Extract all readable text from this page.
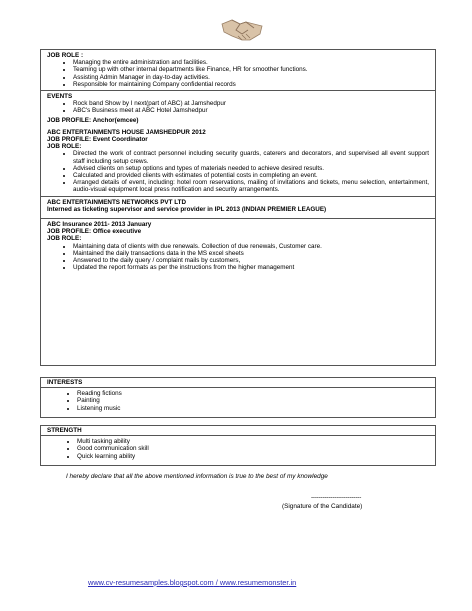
JOB ROLE :
• Managing the entire administration and facilities.
• Teaming up with other internal departments like Finance, HR for smoother functions.
• Assisting Admin Manager in day-to-day activities.
• Responsible for maintaining Company confidential records
EVENTS
• Rock band Show by I next(part of ABC) at Jamshedpur
• ABC's Business meet at ABC Hotel Jamshedpur
JOB PROFILE: Anchor(emcee)
ABC ENTERTAINMENTS HOUSE JAMSHEDPUR 2012
JOB PROFILE: Event Coordinator
JOB ROLE:
• Directed the work of contract personnel including security guards, caterers and decorators, and supervised all event support staff including setup crews.
• Advised clients on setup options and types of materials needed to achieve desired results.
• Calculated and provided clients with estimates of potential costs in completing an event.
• Arranged details of event, including: hotel room reservations, mailing of invitations and tickets, menu selection, entertainment, audio-visual equipment local press notification and security arrangements.
ABC ENTERTAINMENTS NETWORKS PVT LTD
Interned as ticketing supervisor and service provider in IPL 2013 (INDIAN PREMIER LEAGUE)
ABC Insurance 2011- 2013 January
JOB PROFILE: Office executive
JOB ROLE:
• Maintaining data of clients with due renewals. Collection of due renewals, Customer care.
• Maintained the daily transactions data in the MS excel sheets
• Answered to the daily query / complaint mails by customers,
• Updated the report formats as per the instructions from the higher management
INTERESTS
• Reading fictions
• Painting
• Listening music
STRENGTH
• Multi tasking ability
• Good communication skill
• Quick learning ability
I hereby declare that all the above mentioned information is true to the best of my knowledge
--------------------------
(Signature of the Candidate)
www.cv-resumesamples.blogspot.com / www.resumemonster.in
